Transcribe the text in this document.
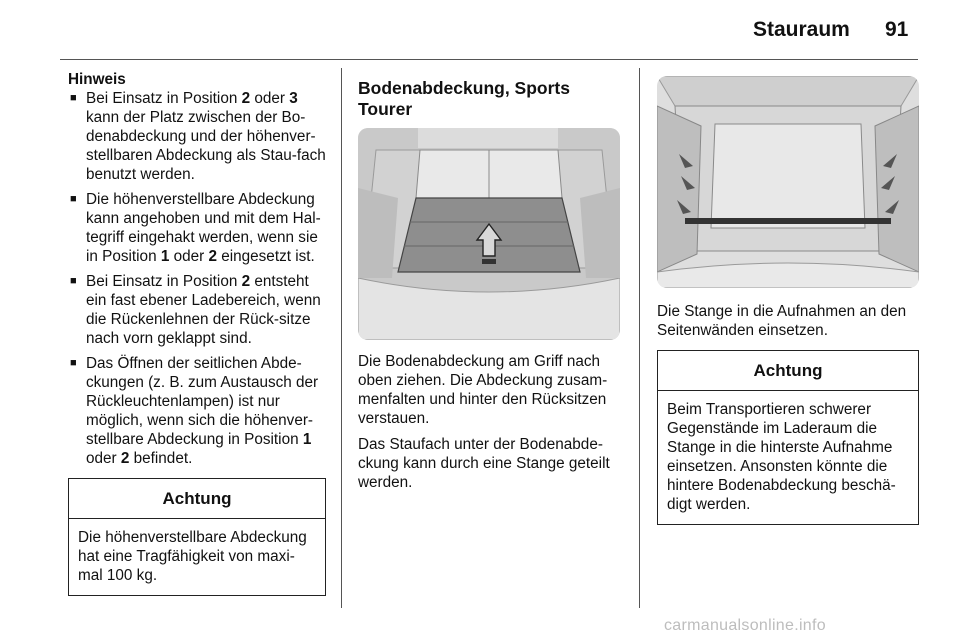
Stauraum 91
Hinweis
■ Bei Einsatz in Position 2 oder 3 kann der Platz zwischen der Bo-denabdeckung und der höhenver-stellbaren Abdeckung als Stau-fach benutzt werden.
■ Die höhenverstellbare Abdeckung kann angehoben und mit dem Hal-tegriff eingehakt werden, wenn sie in Position 1 oder 2 eingesetzt ist.
■ Bei Einsatz in Position 2 entsteht ein fast ebener Ladebereich, wenn die Rückenlehnen der Rück-sitze nach vorn geklappt sind.
■ Das Öffnen der seitlichen Abde-ckungen (z. B. zum Austausch der Rückleuchtenlampen) ist nur möglich, wenn sich die höhenver-stellbare Abdeckung in Position 1 oder 2 befindet.
Achtung
Die höhenverstellbare Abdeckung hat eine Tragfähigkeit von maxi-mal 100 kg.
Bodenabdeckung, Sports Tourer

Die Bodenabdeckung am Griff nach oben ziehen. Die Abdeckung zusam-menfalten und hinter den Rücksitzen verstauen.

Das Staufach unter der Bodenabde-ckung kann durch eine Stange geteilt werden.

Die Stange in die Aufnahmen an den Seitenwänden einsetzen.

Achtung
Beim Transportieren schwerer Gegenstände im Laderaum die Stange in die hinterste Aufnahme einsetzen. Ansonsten könnte die hintere Bodenabdeckung beschä-digt werden.
carmanualsonline.info
